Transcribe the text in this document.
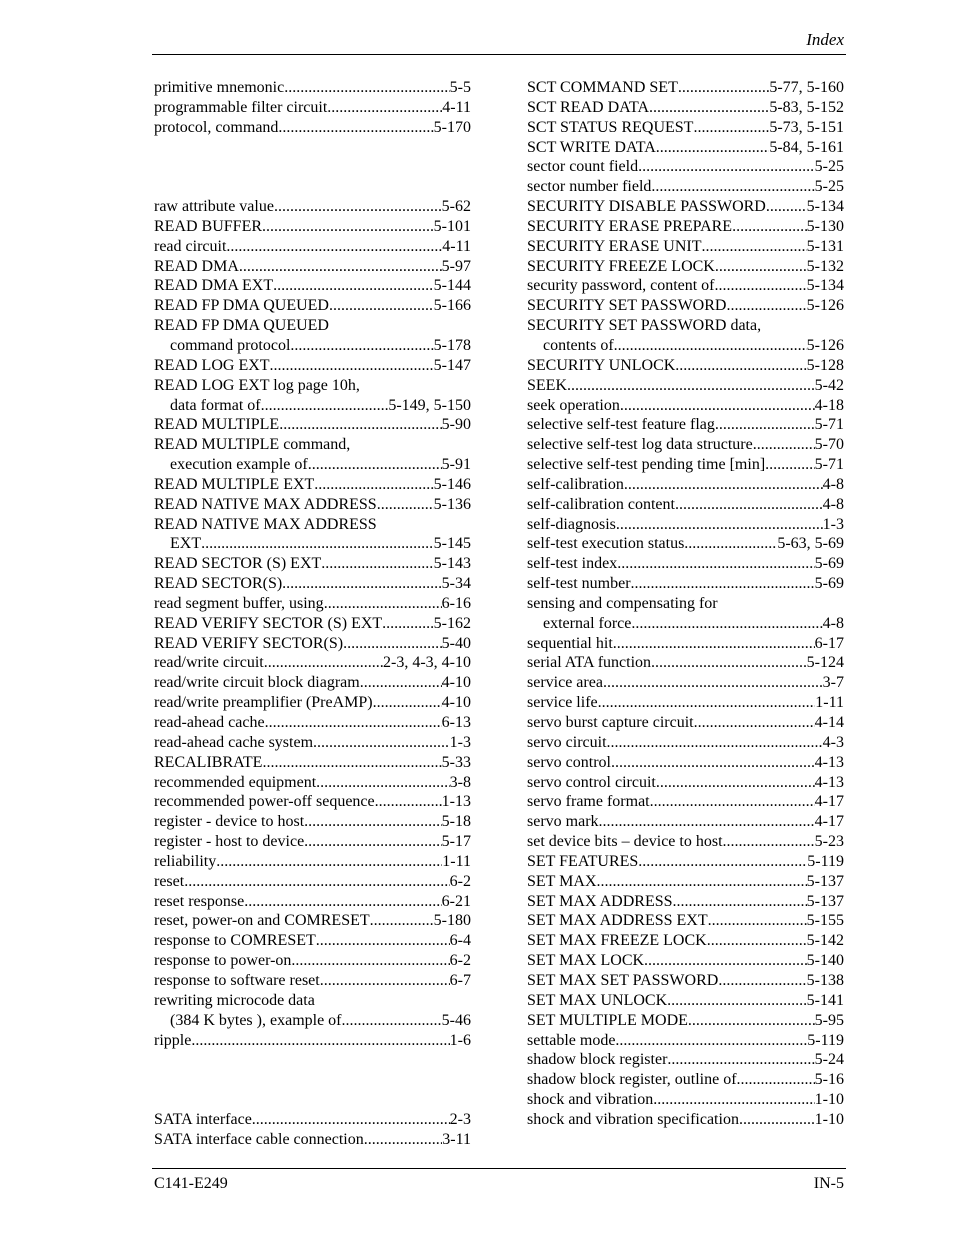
Index
primitive mnemonic .....	5-5
programmable filter circuit .....	4-11
protocol, command .....	5-170
raw attribute value .....	5-62
READ BUFFER .....	5-101
read circuit .....	4-11
READ DMA .....	5-97
READ DMA EXT .....	5-144
READ FP DMA QUEUED .....	5-166
READ FP DMA QUEUED
command protocol .....	5-178
READ LOG EXT .....	5-147
READ LOG EXT log page 10h,
data format of .....	5-149, 5-150
READ MULTIPLE .....	5-90
READ MULTIPLE command,
execution example of .....	5-91
READ MULTIPLE EXT .....	5-146
READ NATIVE MAX ADDRESS .....	5-136
READ NATIVE MAX ADDRESS
EXT .....	5-145
READ SECTOR (S) EXT .....	5-143
READ SECTOR(S) .....	5-34
read segment buffer, using .....	6-16
READ VERIFY SECTOR (S) EXT .....	5-162
READ VERIFY SECTOR(S) .....	5-40
read/write circuit .....	2-3, 4-3, 4-10
read/write circuit block diagram .....	4-10
read/write preamplifier (PreAMP) .....	4-10
read-ahead cache .....	6-13
read-ahead cache system .....	1-3
RECALIBRATE .....	5-33
recommended equipment .....	3-8
recommended power-off sequence .....	1-13
register - device to host .....	5-18
register - host to device .....	5-17
reliability .....	1-11
reset .....	6-2
reset response .....	6-21
reset, power-on and COMRESET .....	5-180
response to COMRESET .....	6-4
response to power-on .....	6-2
response to software reset .....	6-7
rewriting microcode data
(384 K bytes ), example of .....	5-46
ripple .....	1-6
SATA interface .....	2-3
SATA interface cable connection .....	3-11
SCT COMMAND SET .....	5-77, 5-160
SCT READ DATA .....	5-83, 5-152
SCT STATUS REQUEST .....	5-73, 5-151
SCT WRITE DATA .....	5-84, 5-161
sector count field .....	5-25
sector number field .....	5-25
SECURITY DISABLE PASSWORD .....	5-134
SECURITY ERASE PREPARE .....	5-130
SECURITY ERASE UNIT .....	5-131
SECURITY FREEZE LOCK .....	5-132
security password, content of .....	5-134
SECURITY SET PASSWORD .....	5-126
SECURITY SET PASSWORD data,
contents of .....	5-126
SECURITY UNLOCK .....	5-128
SEEK .....	5-42
seek operation .....	4-18
selective self-test feature flag .....	5-71
selective self-test log data structure .....	5-70
selective self-test pending time [min] .....	5-71
self-calibration .....	4-8
self-calibration content .....	4-8
self-diagnosis .....	1-3
self-test execution status .....	5-63, 5-69
self-test index .....	5-69
self-test number .....	5-69
sensing and compensating for
external force .....	4-8
sequential hit .....	6-17
serial ATA function .....	5-124
service area .....	3-7
service life .....	1-11
servo burst capture circuit .....	4-14
servo circuit .....	4-3
servo control .....	4-13
servo control circuit .....	4-13
servo frame format .....	4-17
servo mark .....	4-17
set device bits – device to host .....	5-23
SET FEATURES .....	5-119
SET MAX .....	5-137
SET MAX ADDRESS .....	5-137
SET MAX ADDRESS EXT .....	5-155
SET MAX FREEZE LOCK .....	5-142
SET MAX LOCK .....	5-140
SET MAX SET PASSWORD .....	5-138
SET MAX UNLOCK .....	5-141
SET MULTIPLE MODE .....	5-95
settable mode .....	5-119
shadow block register .....	5-24
shadow block register, outline of .....	5-16
shock and vibration .....	1-10
shock and vibration specification .....	1-10
C141-E249	IN-5
